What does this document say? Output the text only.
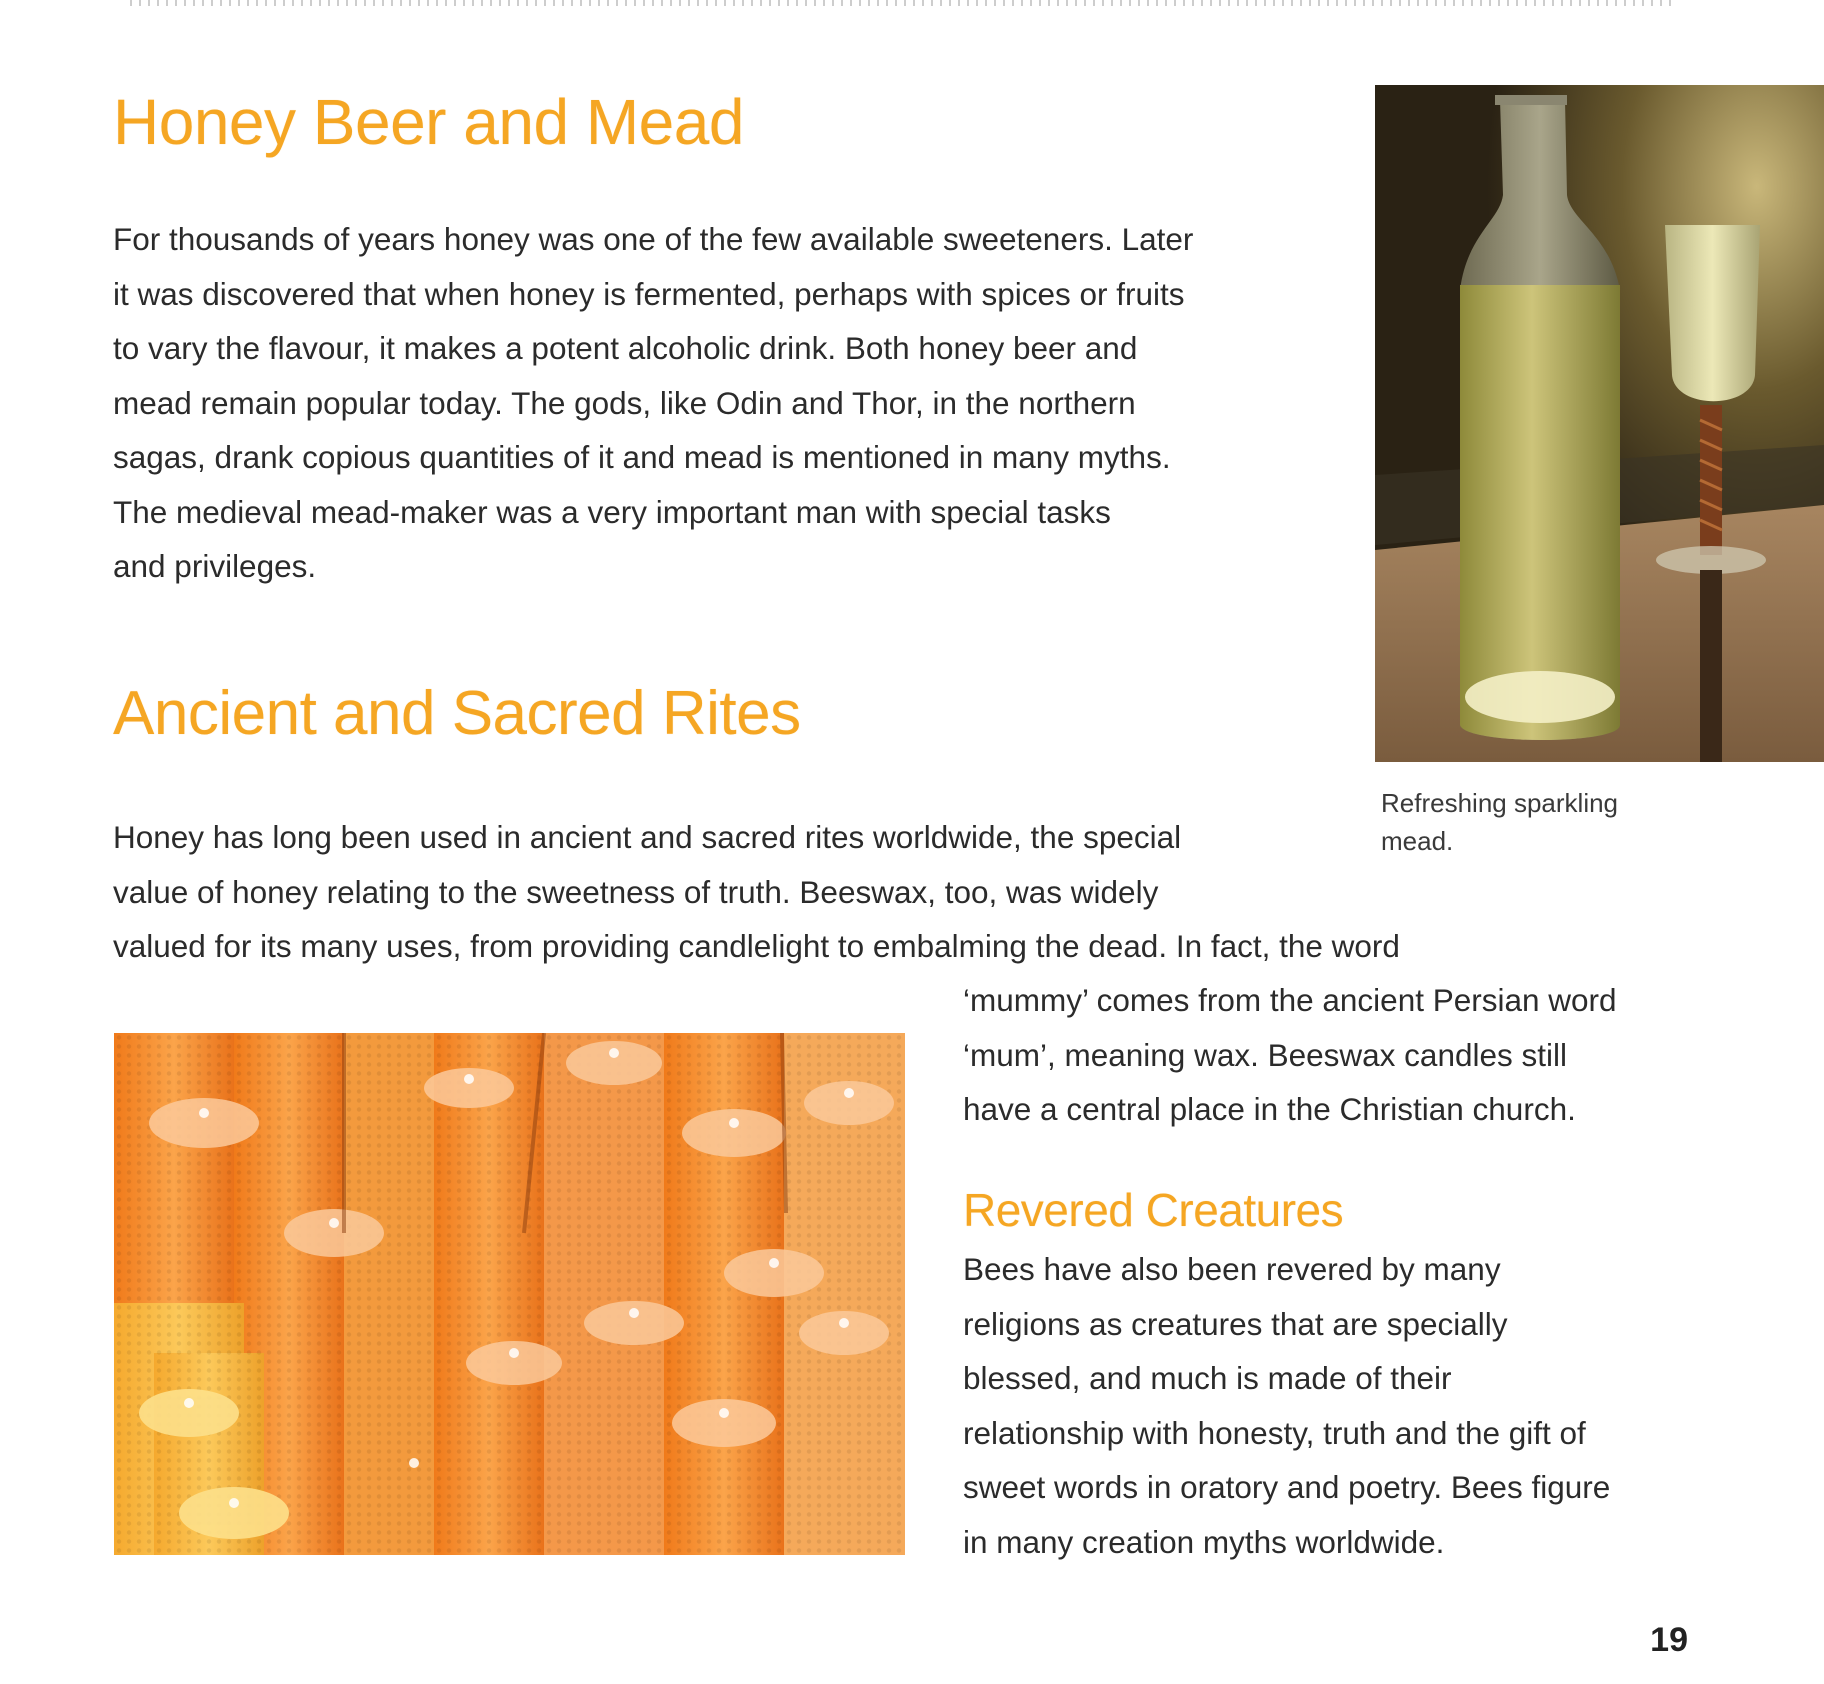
Honey Beer and Mead
For thousands of years honey was one of the few available sweeteners. Later
it was discovered that when honey is fermented, perhaps with spices or fruits
to vary the flavour, it makes a potent alcoholic drink. Both honey beer and
mead remain popular today. The gods, like Odin and Thor, in the northern
sagas, drank copious quantities of it and mead is mentioned in many myths.
The medieval mead-maker was a very important man with special tasks
and privileges.
Refreshing sparkling
mead.
Ancient and Sacred Rites
Honey has long been used in ancient and sacred rites worldwide, the special
value of honey relating to the sweetness of truth. Beeswax, too, was widely
valued for its many uses, from providing candlelight to embalming the dead. In fact, the word
‘mummy’ comes from the ancient Persian word
‘mum’, meaning wax. Beeswax candles still
have a central place in the Christian church.
Revered Creatures
Bees have also been revered by many
religions as creatures that are specially
blessed, and much is made of their
relationship with honesty, truth and the gift of
sweet words in oratory and poetry. Bees figure
in many creation myths worldwide.
19
